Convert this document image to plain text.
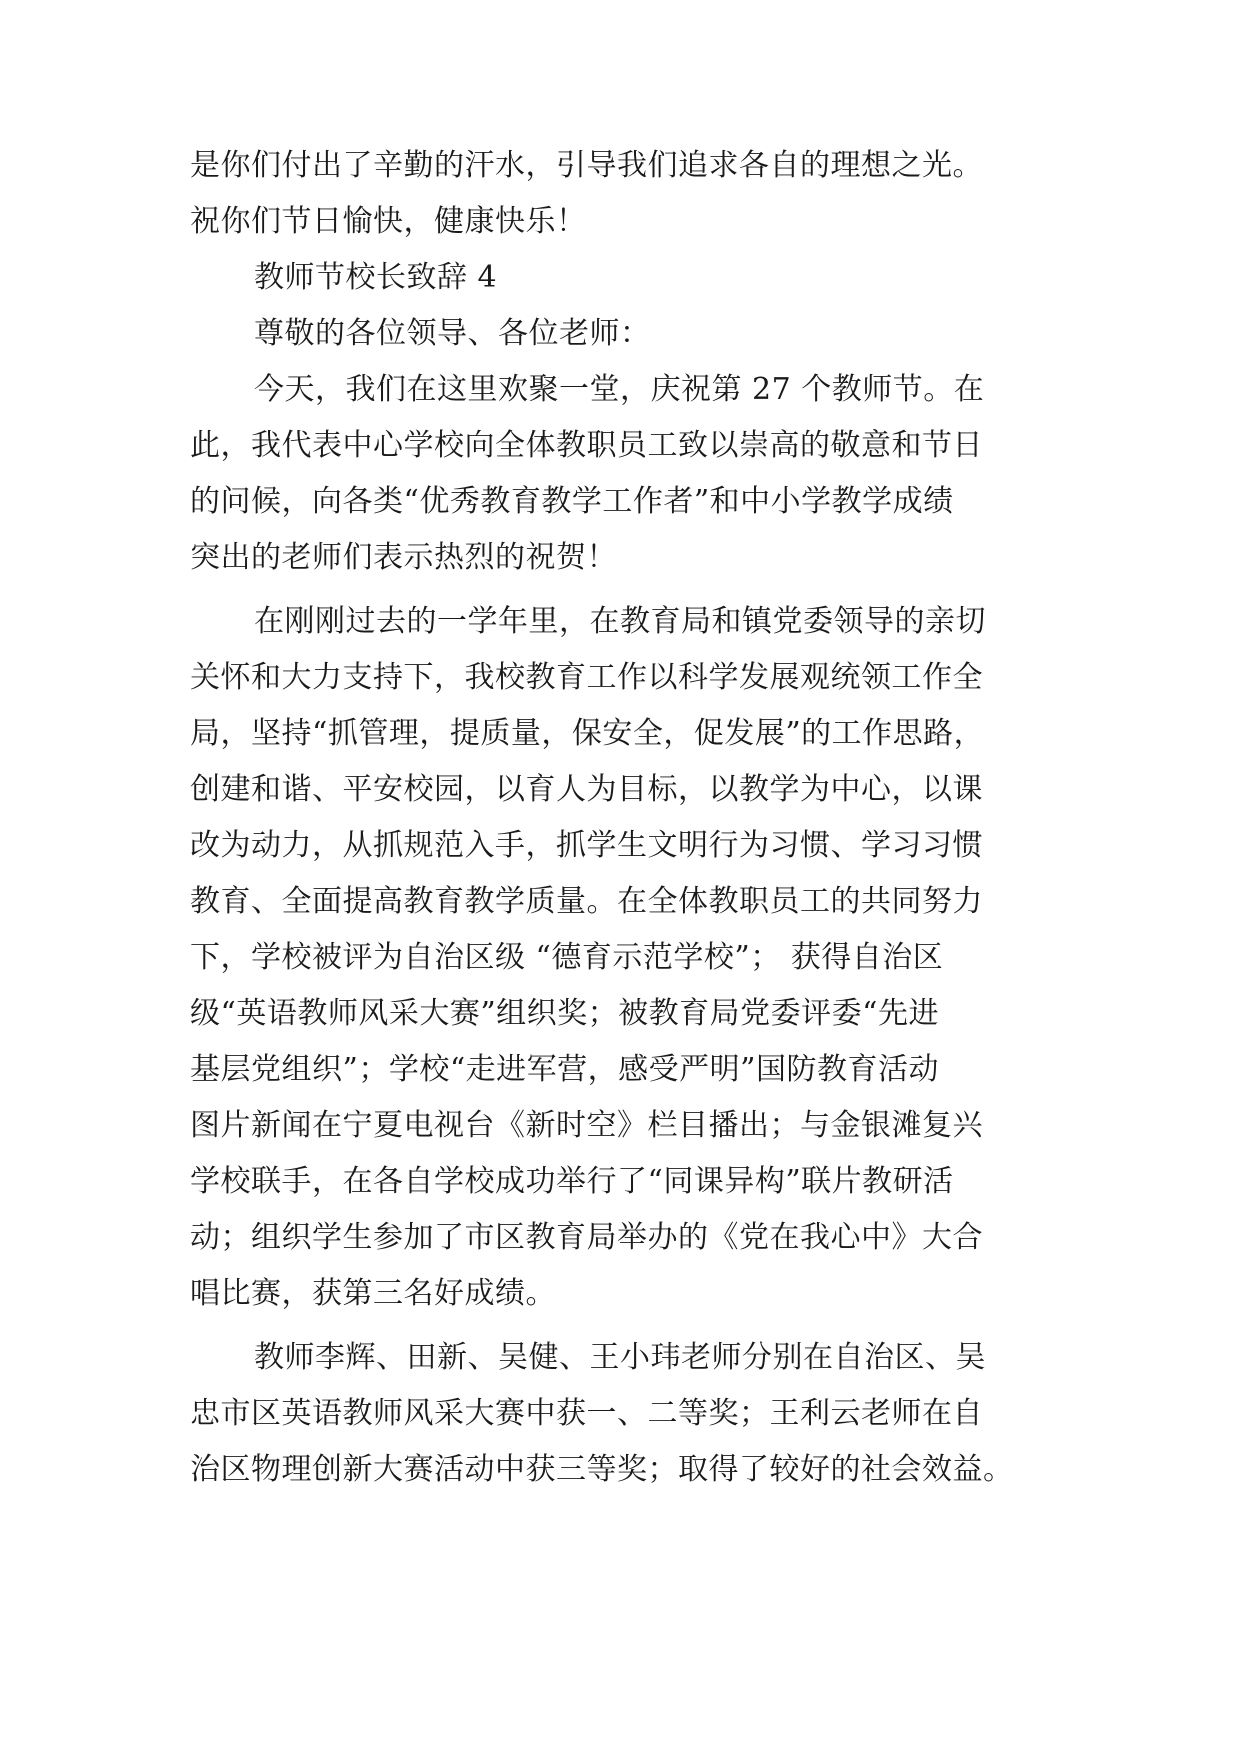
是你们付出了辛勤的汗水，引导我们追求各自的理想之光。
祝你们节日愉快，健康快乐！
教师节校长致辞 4
尊敬的各位领导、各位老师：
今天，我们在这里欢聚一堂，庆祝第 27 个教师节。在
此，我代表中心学校向全体教职员工致以崇高的敬意和节日
的问候，向各类“优秀教育教学工作者”和中小学教学成绩
突出的老师们表示热烈的祝贺！
在刚刚过去的一学年里，在教育局和镇党委领导的亲切
关怀和大力支持下，我校教育工作以科学发展观统领工作全
局，坚持“抓管理，提质量，保安全，促发展”的工作思路，
创建和谐、平安校园，以育人为目标，以教学为中心，以课
改为动力，从抓规范入手，抓学生文明行为习惯、学习习惯
教育、全面提高教育教学质量。在全体教职员工的共同努力
下，学校被评为自治区级 “德育示范学校”； 获得自治区
级“英语教师风采大赛”组织奖；被教育局党委评委“先进
基层党组织”；学校“走进军营，感受严明”国防教育活动
图片新闻在宁夏电视台《新时空》栏目播出；与金银滩复兴
学校联手，在各自学校成功举行了“同课异构”联片教研活
动；组织学生参加了市区教育局举办的《党在我心中》大合
唱比赛，获第三名好成绩。
教师李辉、田新、吴健、王小玮老师分别在自治区、吴
忠市区英语教师风采大赛中获一、二等奖；王利云老师在自
治区物理创新大赛活动中获三等奖；取得了较好的社会效益。
